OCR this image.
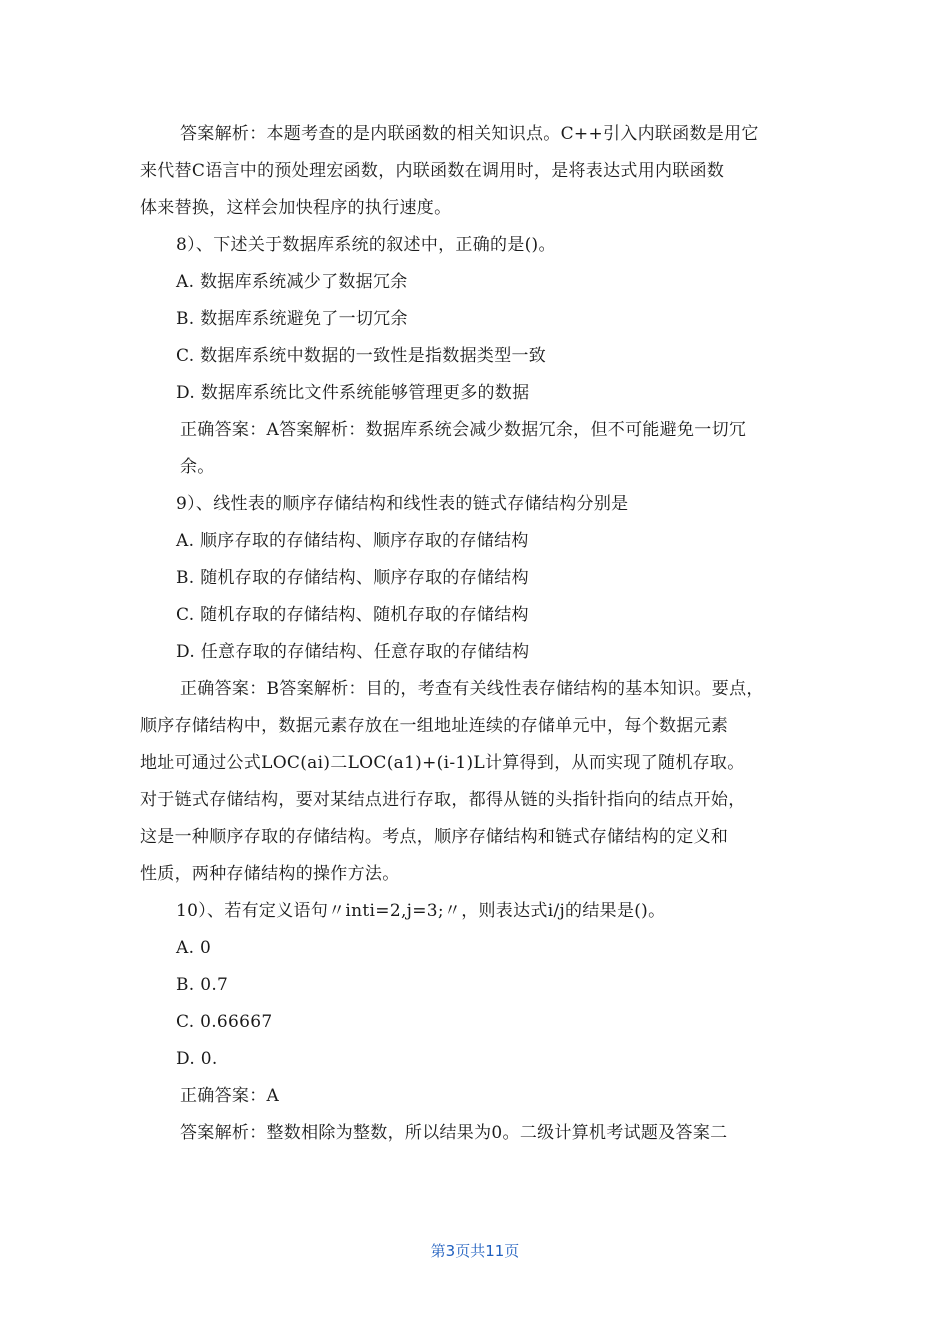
答案解析：本题考查的是内联函数的相关知识点。C++引入内联函数是用它
来代替C语言中的预处理宏函数，内联函数在调用时，是将表达式用内联函数
体来替换，这样会加快程序的执行速度。
8）、下述关于数据库系统的叙述中，正确的是()。
A. 数据库系统减少了数据冗余
B. 数据库系统避免了一切冗余
C. 数据库系统中数据的一致性是指数据类型一致
D. 数据库系统比文件系统能够管理更多的数据
正确答案：A答案解析：数据库系统会减少数据冗余，但不可能避免一切冗
余。
9）、线性表的顺序存储结构和线性表的链式存储结构分别是
A. 顺序存取的存储结构、顺序存取的存储结构
B. 随机存取的存储结构、顺序存取的存储结构
C. 随机存取的存储结构、随机存取的存储结构
D. 任意存取的存储结构、任意存取的存储结构
正确答案：B答案解析：目的，考查有关线性表存储结构的基本知识。要点，
顺序存储结构中，数据元素存放在一组地址连续的存储单元中，每个数据元素
地址可通过公式LOC(ai)二LOC(a1)+(i-1)L计算得到，从而实现了随机存取。
对于链式存储结构，要对某结点进行存取，都得从链的头指针指向的结点开始，
这是一种顺序存取的存储结构。考点，顺序存储结构和链式存储结构的定义和
性质，两种存储结构的操作方法。
10）、若有定义语句〃inti=2,j=3;〃，则表达式i/j的结果是()。
A. 0
B. 0.7
C. 0.66667
D. 0.
正确答案：A
答案解析：整数相除为整数，所以结果为0。二级计算机考试题及答案二
第3页共11页
